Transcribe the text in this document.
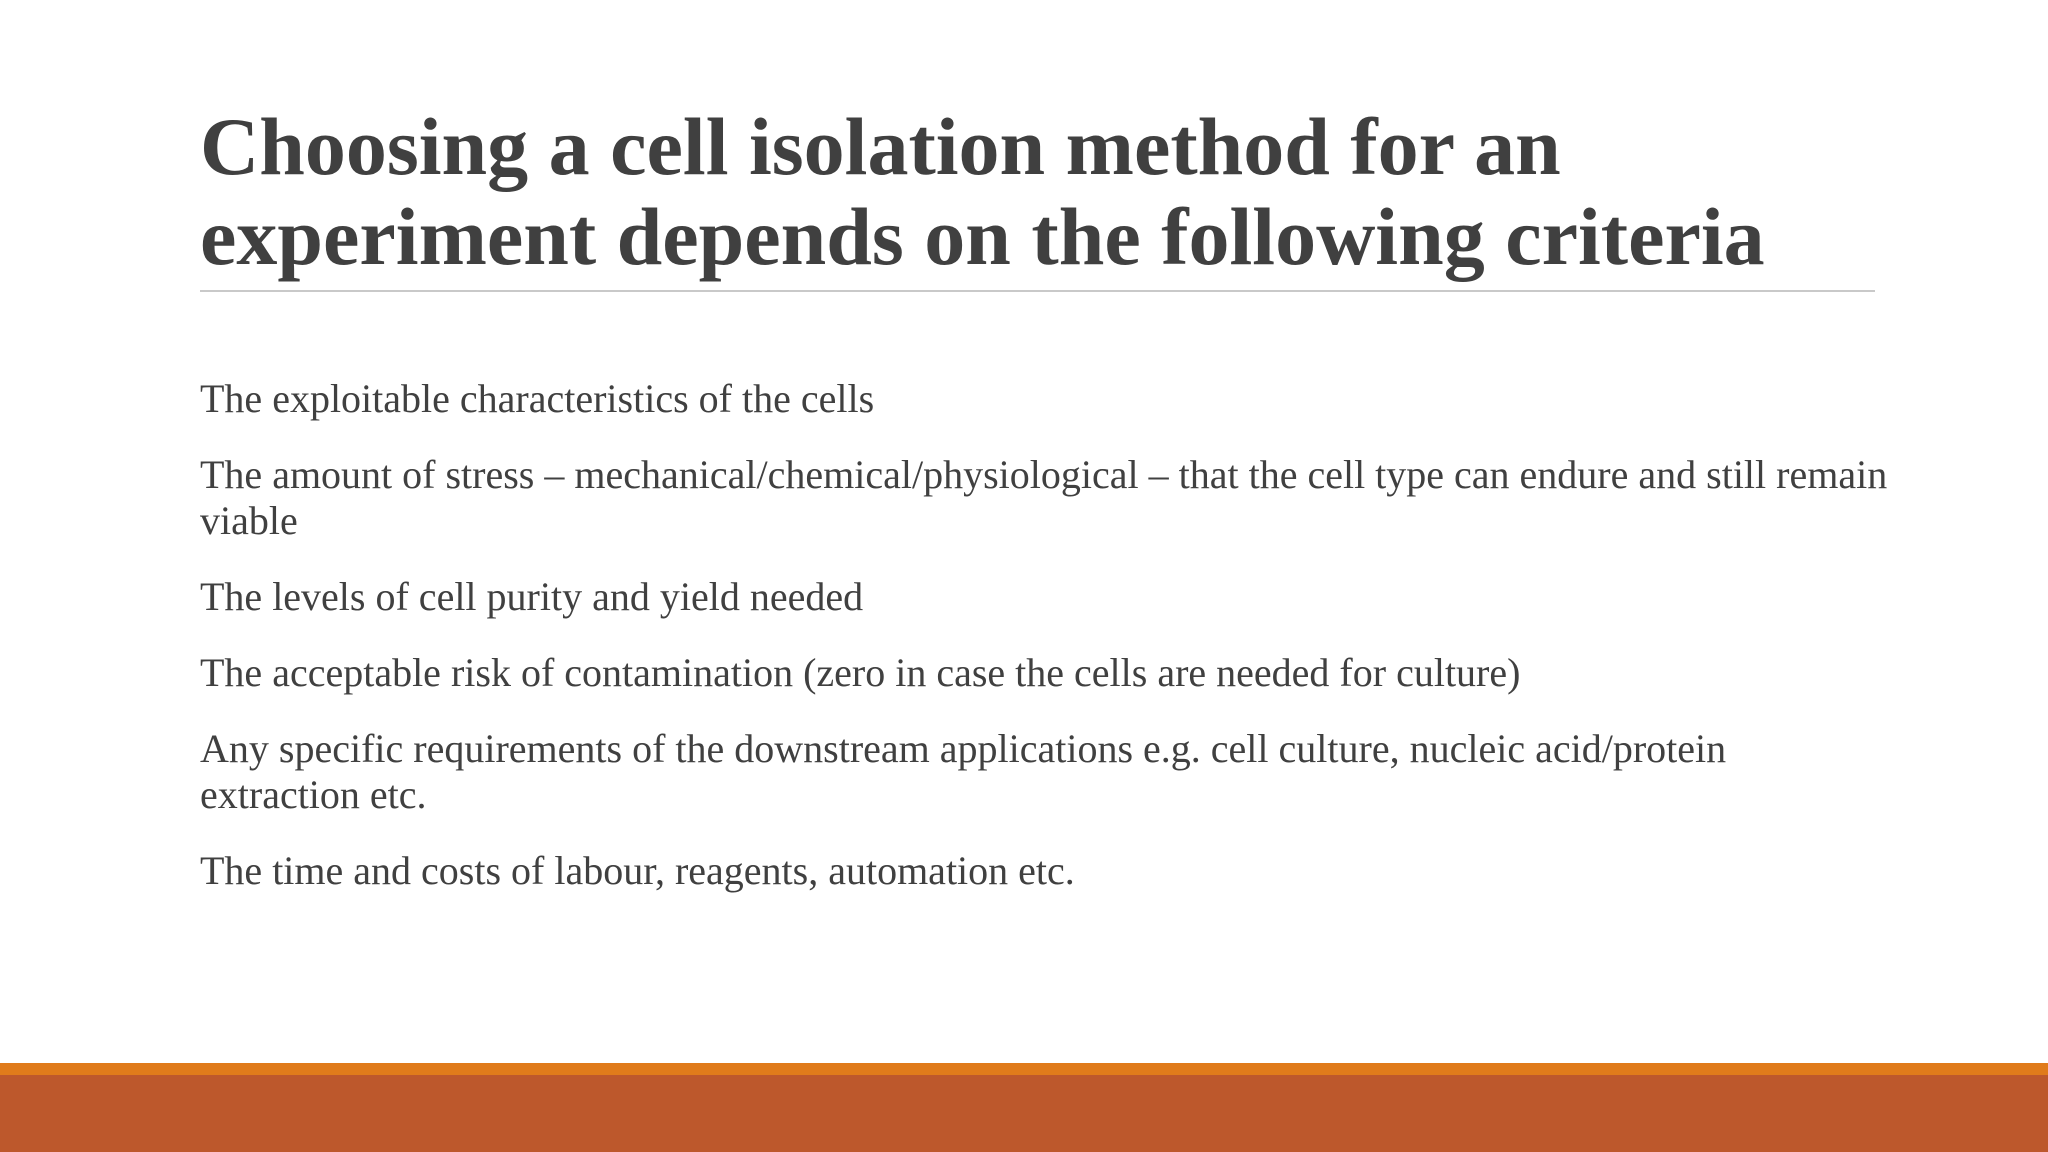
Choosing a cell isolation method for an
experiment depends on the following criteria
The exploitable characteristics of the cells
The amount of stress – mechanical/chemical/physiological – that the cell type can endure and still remain viable
The levels of cell purity and yield needed
The acceptable risk of contamination (zero in case the cells are needed for culture)
Any specific requirements of the downstream applications e.g. cell culture, nucleic acid/protein extraction etc.
The time and costs of labour, reagents, automation etc.
